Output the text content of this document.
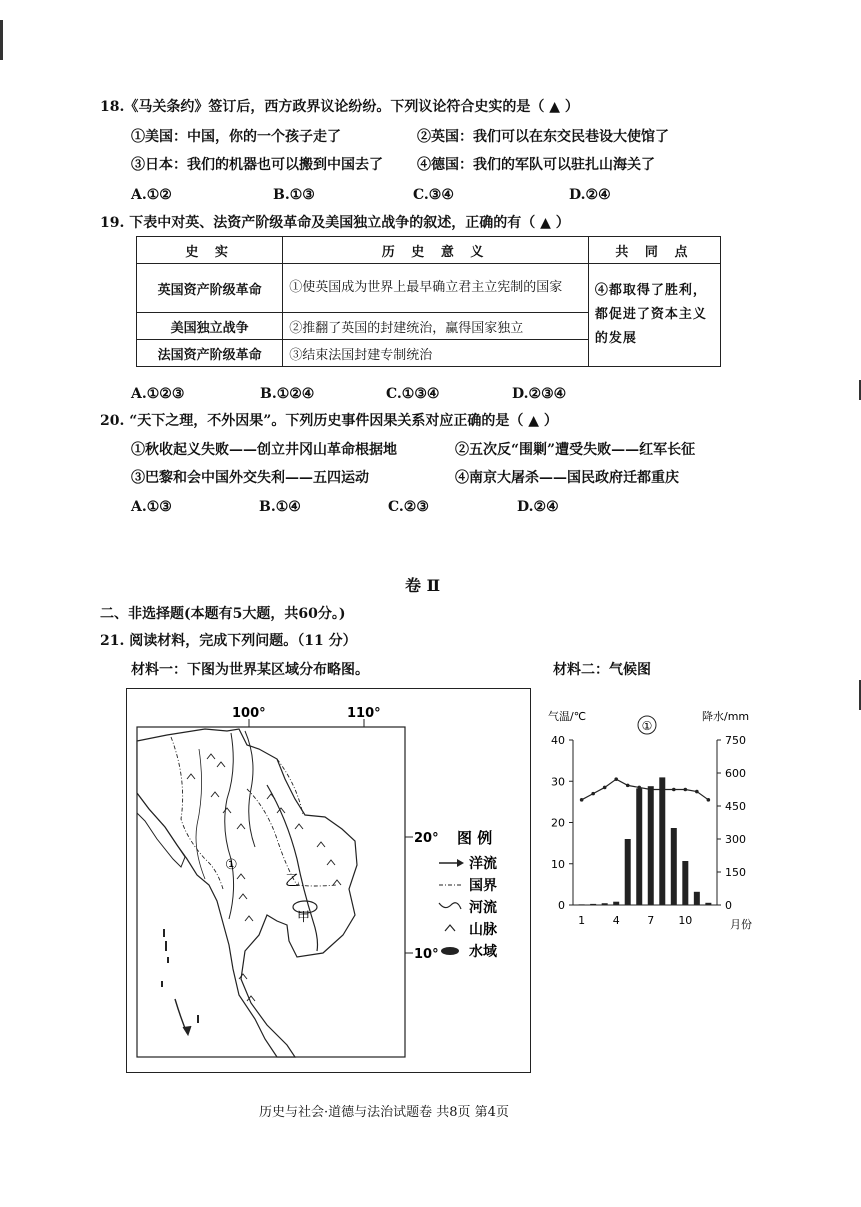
18.《马关条约》签订后，西方政界议论纷纷。下列议论符合史实的是（ ▲ ）
①美国：中国，你的一个孩子走了	②英国：我们可以在东交民巷设大使馆了
③日本：我们的机器也可以搬到中国去了 ④德国：我们的军队可以驻扎山海关了
A.①②	B.①③	C.③④	D.②④
19. 下表中对英、法资产阶级革命及美国独立战争的叙述，正确的有（ ▲ ）
史 实	历 史 意 义	共 同 点
英国资产阶级革命	①使英国成为世界上最早确立君主立宪制的国家	④都取得了胜利，都促进了资本主义的发展
美国独立战争	②推翻了英国的封建统治，赢得国家独立	
法国资产阶级革命	③结束法国封建专制统治	
A.①②③	B.①②④	C.①③④	D.②③④
20. “天下之理，不外因果”。下列历史事件因果关系对应正确的是（ ▲ ）
①秋收起义失败——创立井冈山革命根据地	②五次反“围剿”遭受失败——红军长征
③巴黎和会中国外交失利——五四运动	④南京大屠杀——国民政府迁都重庆
A.①③	B.①④	C.②③	D.②④
卷 Ⅱ
二、非选择题(本题有5大题，共60分。)
21. 阅读材料，完成下列问题。（11 分）
材料一：下图为世界某区域分布略图。	材料二：气候图
100°	110°
20°
10°
乙
甲
①
图 例
洋流
国界
河流
山脉
水域
气温/℃	降水/mm
①
0
10
20
30
40
0
150
300
450
600
750
1	4	7 10	月份
历史与社会·道德与法治试题卷 共8页 第4页
